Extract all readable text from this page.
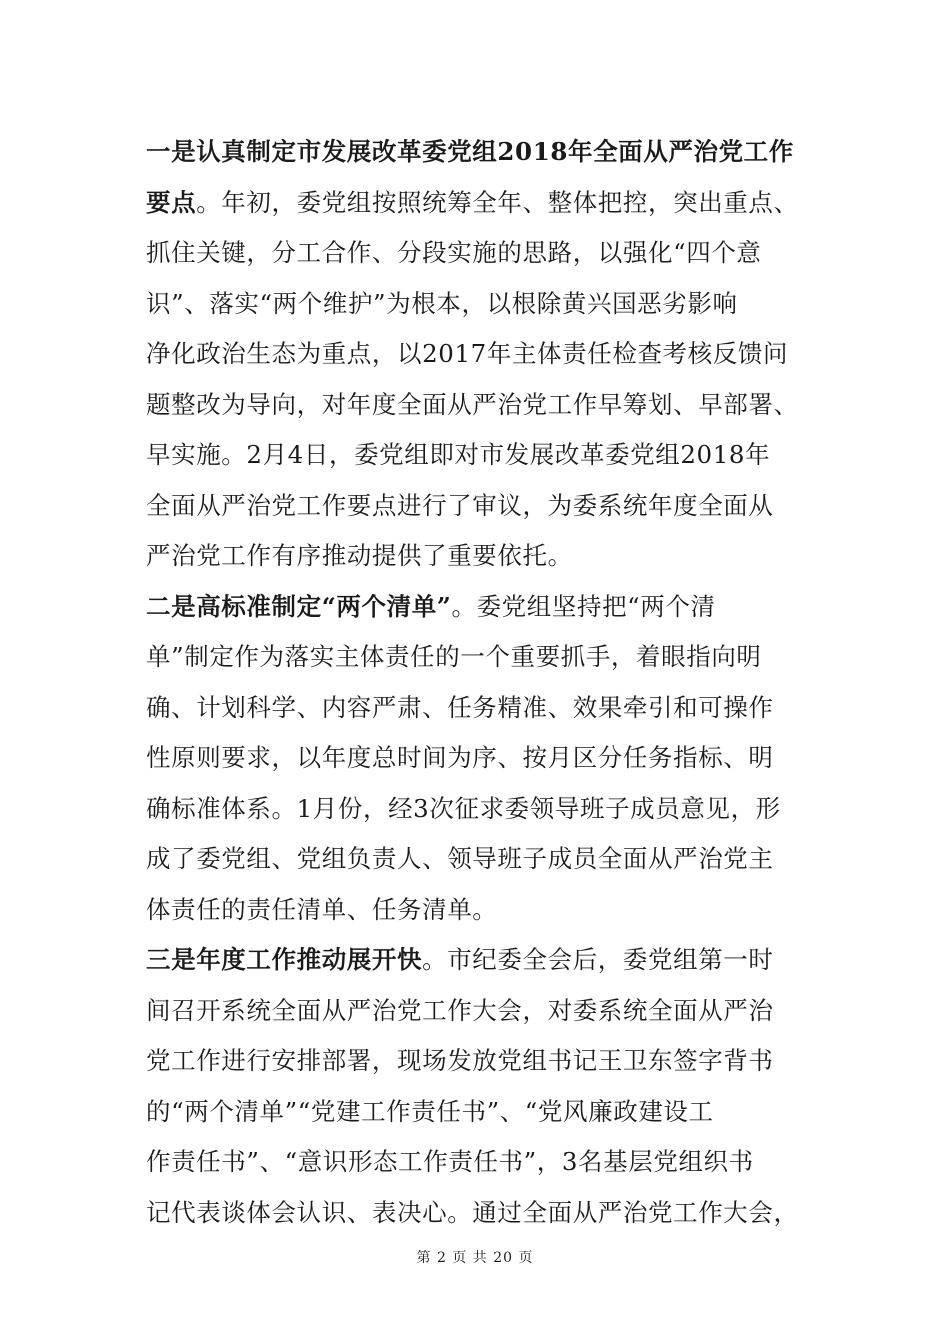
一是认真制定市发展改革委党组2018年全面从严治党工作
要点。年初，委党组按照统筹全年、整体把控，突出重点、
抓住关键，分工合作、分段实施的思路，以强化“四个意
识”、落实“两个维护”为根本，以根除黄兴国恶劣影响
净化政治生态为重点，以2017年主体责任检查考核反馈问
题整改为导向，对年度全面从严治党工作早筹划、早部署、
早实施。2月4日，委党组即对市发展改革委党组2018年
全面从严治党工作要点进行了审议，为委系统年度全面从
严治党工作有序推动提供了重要依托。
二是高标准制定“两个清单”。委党组坚持把“两个清
单”制定作为落实主体责任的一个重要抓手，着眼指向明
确、计划科学、内容严肃、任务精准、效果牵引和可操作
性原则要求，以年度总时间为序、按月区分任务指标、明
确标准体系。1月份，经3次征求委领导班子成员意见，形
成了委党组、党组负责人、领导班子成员全面从严治党主
体责任的责任清单、任务清单。
三是年度工作推动展开快。市纪委全会后，委党组第一时
间召开系统全面从严治党工作大会，对委系统全面从严治
党工作进行安排部署，现场发放党组书记王卫东签字背书
的“两个清单”“党建工作责任书”、“党风廉政建设工
作责任书”、“意识形态工作责任书”，3名基层党组织书
记代表谈体会认识、表决心。通过全面从严治党工作大会，
第 2 页 共 20 页
